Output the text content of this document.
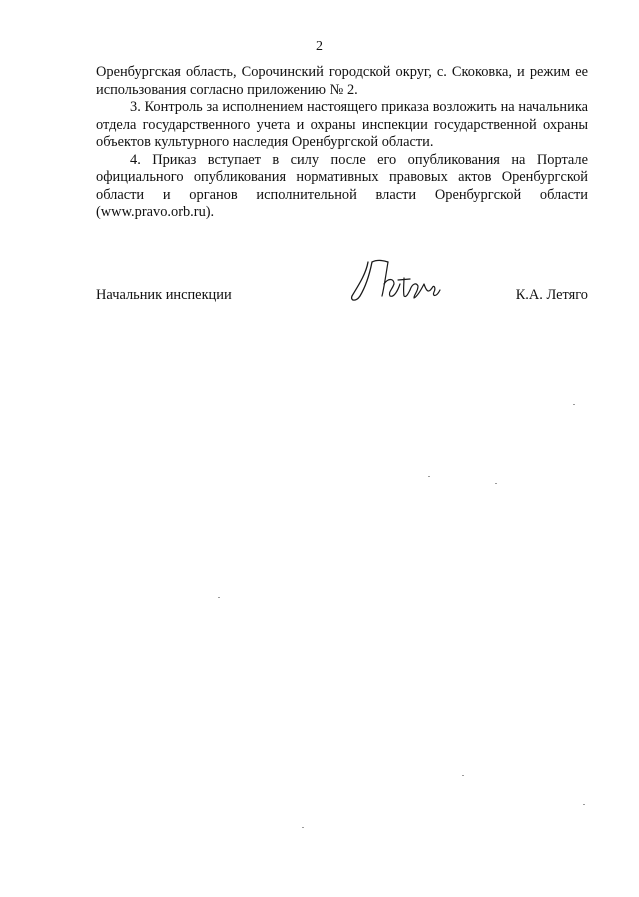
2

Оренбургская область, Сорочинский городской округ, с. Скоковка, и режим ее использования согласно приложению № 2.

3. Контроль за исполнением настоящего приказа возложить на начальника отдела государственного учета и охраны инспекции государственной охраны объектов культурного наследия Оренбургской области.

4. Приказ вступает в силу после его опубликования на Портале официального опубликования нормативных правовых актов Оренбургской области и органов исполнительной власти Оренбургской области (www.pravo.orb.ru).

Начальник инспекции	К.А. Летяго
